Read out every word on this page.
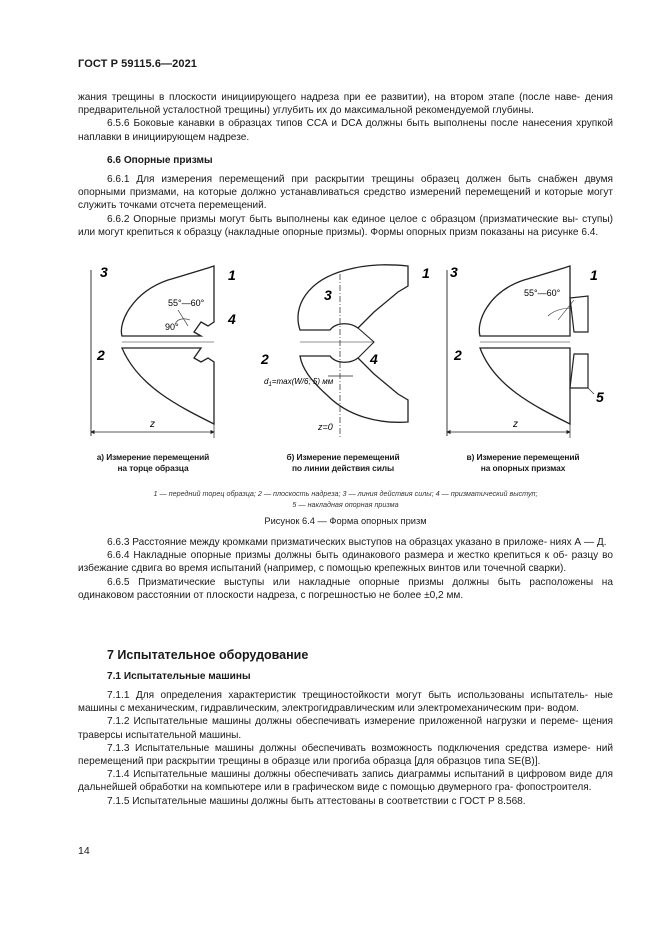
ГОСТ Р 59115.6—2021

жания трещины в плоскости инициирующего надреза при ее развитии), на втором этапе (после наве- дения предварительной усталостной трещины) углубить их до максимальной рекомендуемой глубины.

6.5.6 Боковые канавки в образцах типов CCA и DCA должны быть выполнены после нанесения хрупкой наплавки в инициирующем надрезе.

6.6 Опорные призмы

6.6.1 Для измерения перемещений при раскрытии трещины образец должен быть снабжен двумя опорными призмами, на которые должно устанавливаться средство измерений перемещений и которые могут служить точками отсчета перемещений.

6.6.2 Опорные призмы могут быть выполнены как единое целое с образцом (призматические вы- ступы) или могут крепиться к образцу (накладные опорные призмы). Формы опорных призм показаны на рисунке 6.4.

3	1
4
2
55°—60°
90°
z
3
1
4
2
$d_1=\max(W/6$; 5) мм
z=0
3	1
2
5
55°—60°
z
а) Измерение перемещений
на торце образца
б) Измерение перемещений
по линии действия силы
в) Измерение перемещений
на опорных призмах
1 — передний торец образца; 2 — плоскость надреза; 3 — линия действия силы; 4 — призматический выступ;
5 — накладная опорная призма
Рисунок 6.4 — Форма опорных призм

6.6.3 Расстояние между кромками призматических выступов на образцах указано в приложе- ниях А — Д.

6.6.4 Накладные опорные призмы должны быть одинакового размера и жестко крепиться к об- разцу во избежание сдвига во время испытаний (например, с помощью крепежных винтов или точечной сварки).

6.6.5 Призматические выступы или накладные опорные призмы должны быть расположены на одинаковом расстоянии от плоскости надреза, с погрешностью не более ±0,2 мм.

7 Испытательное оборудование
7.1 Испытательные машины

7.1.1 Для определения характеристик трещиностойкости могут быть использованы испытатель- ные машины с механическим, гидравлическим, электрогидравлическим или электромеханическим при- водом.

7.1.2 Испытательные машины должны обеспечивать измерение приложенной нагрузки и переме- щения траверсы испытательной машины.

7.1.3 Испытательные машины должны обеспечивать возможность подключения средства измере- ний перемещений при раскрытии трещины в образце или прогиба образца [для образцов типа SE(B)].

7.1.4 Испытательные машины должны обеспечивать запись диаграммы испытаний в цифровом виде для дальнейшей обработки на компьютере или в графическом виде с помощью двумерного гра- фопостроителя.

7.1.5 Испытательные машины должны быть аттестованы в соответствии с ГОСТ Р 8.568.

14
